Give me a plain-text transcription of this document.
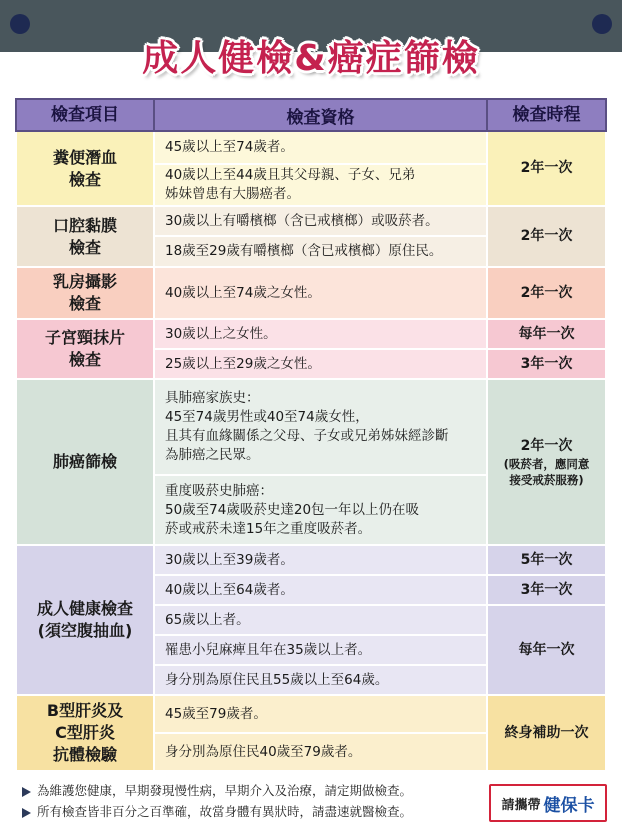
成人健檢&癌症篩檢
檢查項目	檢查資格	檢查時程
糞便潛血
檢查	45歲以上至74歲者。	2年一次
	40歲以上至44歲且其父母親、子女、兄弟
姊妹曾患有大腸癌者。	
口腔黏膜
檢查	30歲以上有嚼檳榔（含已戒檳榔）或吸菸者。	2年一次
	18歲至29歲有嚼檳榔（含已戒檳榔）原住民。	
乳房攝影
檢查	40歲以上至74歲之女性。	2年一次
子宮頸抹片
檢查	30歲以上之女性。	每年一次
	25歲以上至29歲之女性。	3年一次
肺癌篩檢	具肺癌家族史：
45至74歲男性或40至74歲女性，
且其有血緣關係之父母、子女或兄弟姊妹經診斷
為肺癌之民眾。	2年一次
(吸菸者，應同意
接受戒菸服務)

	重度吸菸史肺癌：
50歲至74歲吸菸史達20包一年以上仍在吸
菸或戒菸未達15年之重度吸菸者。	
成人健康檢查
(須空腹抽血)	30歲以上至39歲者。	5年一次
	40歲以上至64歲者。	3年一次
	65歲以上者。	每年一次
	罹患小兒麻痺且年在35歲以上者。	
	身分別為原住民且55歲以上至64歲。	
B型肝炎及
C型肝炎
抗體檢驗	45歲至79歲者。	終身補助一次
	身分別為原住民40歲至79歲者。	
為維護您健康，早期發現慢性病，早期介入及治療，請定期做檢查。
所有檢查皆非百分之百準確，故當身體有異狀時，請盡速就醫檢查。	請攜帶 健保卡
